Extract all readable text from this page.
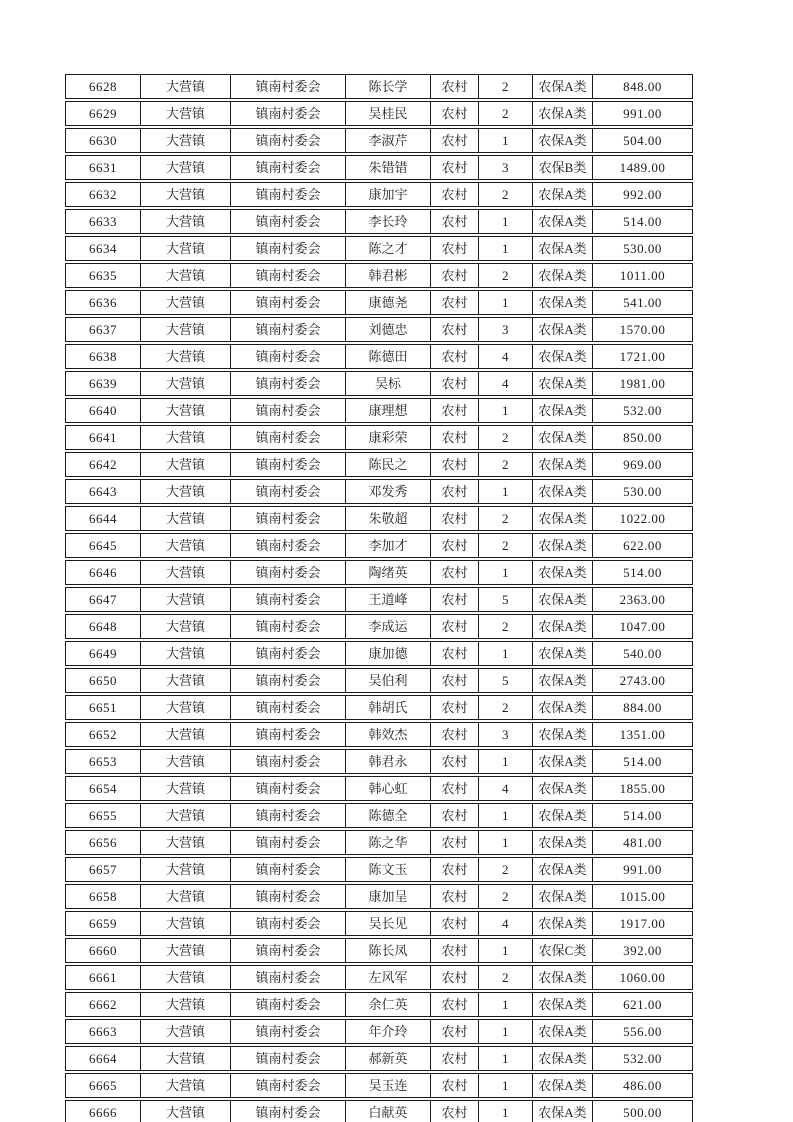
6628	大营镇	镇南村委会	陈长学	农村	2	农保A类	848.00
6629	大营镇	镇南村委会	吴桂民	农村	2	农保A类	991.00
6630	大营镇	镇南村委会	李淑芹	农村	1	农保A类	504.00
6631	大营镇	镇南村委会	朱错错	农村	3	农保B类	1489.00
6632	大营镇	镇南村委会	康加宇	农村	2	农保A类	992.00
6633	大营镇	镇南村委会	李长玲	农村	1	农保A类	514.00
6634	大营镇	镇南村委会	陈之才	农村	1	农保A类	530.00
6635	大营镇	镇南村委会	韩君彬	农村	2	农保A类	1011.00
6636	大营镇	镇南村委会	康德尧	农村	1	农保A类	541.00
6637	大营镇	镇南村委会	刘德忠	农村	3	农保A类	1570.00
6638	大营镇	镇南村委会	陈德田	农村	4	农保A类	1721.00
6639	大营镇	镇南村委会	吴标	农村	4	农保A类	1981.00
6640	大营镇	镇南村委会	康理想	农村	1	农保A类	532.00
6641	大营镇	镇南村委会	康彩荣	农村	2	农保A类	850.00
6642	大营镇	镇南村委会	陈民之	农村	2	农保A类	969.00
6643	大营镇	镇南村委会	邓发秀	农村	1	农保A类	530.00
6644	大营镇	镇南村委会	朱敬超	农村	2	农保A类	1022.00
6645	大营镇	镇南村委会	李加才	农村	2	农保A类	622.00
6646	大营镇	镇南村委会	陶绪英	农村	1	农保A类	514.00
6647	大营镇	镇南村委会	王道峰	农村	5	农保A类	2363.00
6648	大营镇	镇南村委会	李成运	农村	2	农保A类	1047.00
6649	大营镇	镇南村委会	康加德	农村	1	农保A类	540.00
6650	大营镇	镇南村委会	吴伯利	农村	5	农保A类	2743.00
6651	大营镇	镇南村委会	韩胡氏	农村	2	农保A类	884.00
6652	大营镇	镇南村委会	韩效杰	农村	3	农保A类	1351.00
6653	大营镇	镇南村委会	韩君永	农村	1	农保A类	514.00
6654	大营镇	镇南村委会	韩心虹	农村	4	农保A类	1855.00
6655	大营镇	镇南村委会	陈德全	农村	1	农保A类	514.00
6656	大营镇	镇南村委会	陈之华	农村	1	农保A类	481.00
6657	大营镇	镇南村委会	陈文玉	农村	2	农保A类	991.00
6658	大营镇	镇南村委会	康加呈	农村	2	农保A类	1015.00
6659	大营镇	镇南村委会	吴长见	农村	4	农保A类	1917.00
6660	大营镇	镇南村委会	陈长凤	农村	1	农保C类	392.00
6661	大营镇	镇南村委会	左风军	农村	2	农保A类	1060.00
6662	大营镇	镇南村委会	余仁英	农村	1	农保A类	621.00
6663	大营镇	镇南村委会	年介玲	农村	1	农保A类	556.00
6664	大营镇	镇南村委会	郝新英	农村	1	农保A类	532.00
6665	大营镇	镇南村委会	吴玉连	农村	1	农保A类	486.00
6666	大营镇	镇南村委会	白献英	农村	1	农保A类	500.00
